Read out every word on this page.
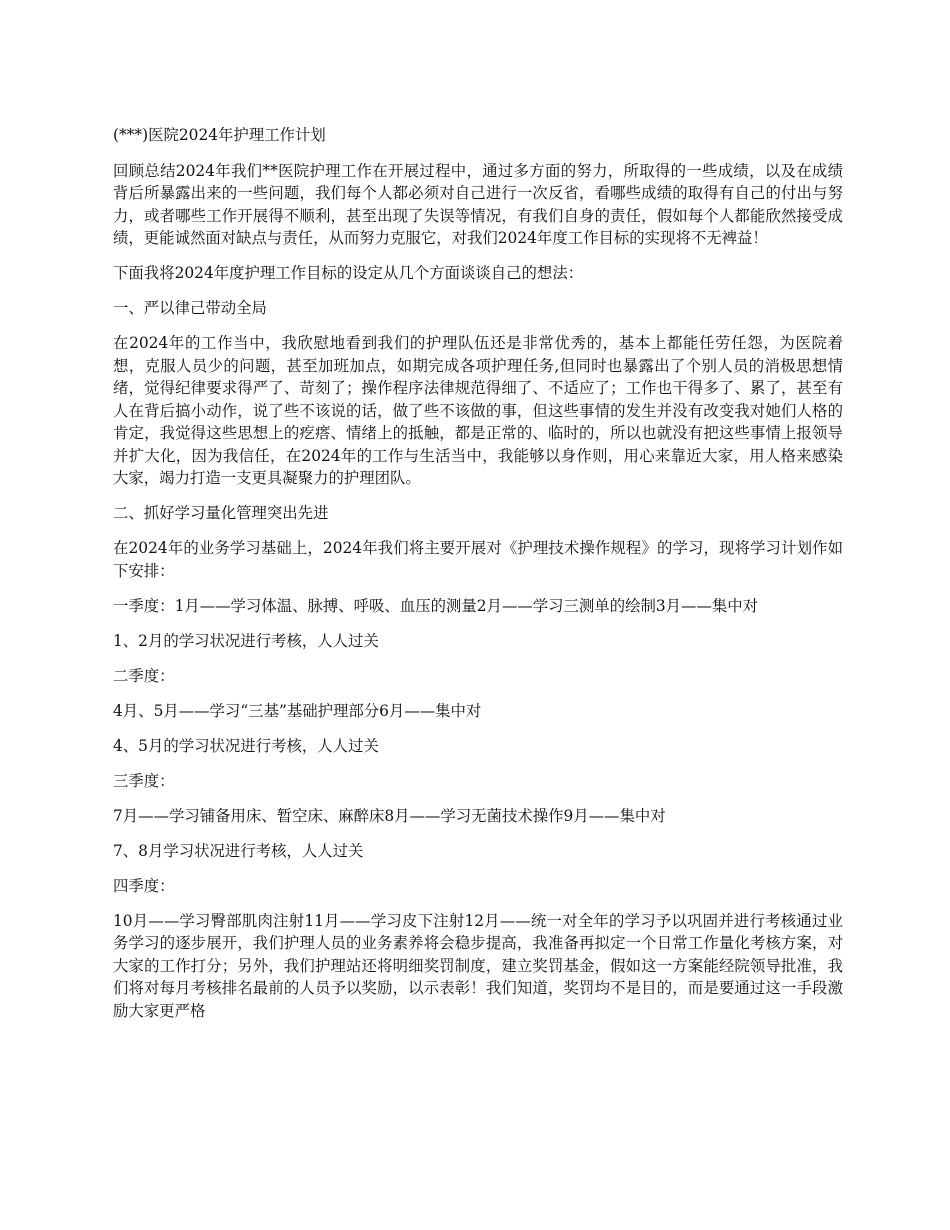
(***)医院2024年护理工作计划

回顾总结2024年我们**医院护理工作在开展过程中，通过多方面的努力，所取得的一些成绩，以及在成绩背后所暴露出来的一些问题，我们每个人都必须对自己进行一次反省，看哪些成绩的取得有自己的付出与努力，或者哪些工作开展得不顺利，甚至出现了失误等情况，有我们自身的责任，假如每个人都能欣然接受成绩，更能诚然面对缺点与责任，从而努力克服它，对我们2024年度工作目标的实现将不无裨益！

下面我将2024年度护理工作目标的设定从几个方面谈谈自己的想法：

一、严以律己带动全局

在2024年的工作当中，我欣慰地看到我们的护理队伍还是非常优秀的，基本上都能任劳任怨，为医院着想，克服人员少的问题，甚至加班加点，如期完成各项护理任务,但同时也暴露出了个别人员的消极思想情绪，觉得纪律要求得严了、苛刻了；操作程序法律规范得细了、不适应了；工作也干得多了、累了，甚至有人在背后搞小动作，说了些不该说的话，做了些不该做的事，但这些事情的发生并没有改变我对她们人格的肯定，我觉得这些思想上的疙瘩、情绪上的抵触，都是正常的、临时的，所以也就没有把这些事情上报领导并扩大化，因为我信任，在2024年的工作与生活当中，我能够以身作则，用心来靠近大家，用人格来感染大家，竭力打造一支更具凝聚力的护理团队。

二、抓好学习量化管理突出先进

在2024年的业务学习基础上，2024年我们将主要开展对《护理技术操作规程》的学习，现将学习计划作如下安排：

一季度：1月——学习体温、脉搏、呼吸、血压的测量2月——学习三测单的绘制3月——集中对

1、2月的学习状况进行考核，人人过关

二季度：

4月、5月——学习“三基”基础护理部分6月——集中对

4、5月的学习状况进行考核，人人过关

三季度：

7月——学习铺备用床、暂空床、麻醉床8月——学习无菌技术操作9月——集中对

7、8月学习状况进行考核，人人过关

四季度：

10月——学习臀部肌肉注射11月——学习皮下注射12月——统一对全年的学习予以巩固并进行考核通过业务学习的逐步展开，我们护理人员的业务素养将会稳步提高，我准备再拟定一个日常工作量化考核方案，对大家的工作打分；另外，我们护理站还将明细奖罚制度，建立奖罚基金，假如这一方案能经院领导批准，我们将对每月考核排名最前的人员予以奖励，以示表彰！我们知道，奖罚均不是目的，而是要通过这一手段激励大家更严格
